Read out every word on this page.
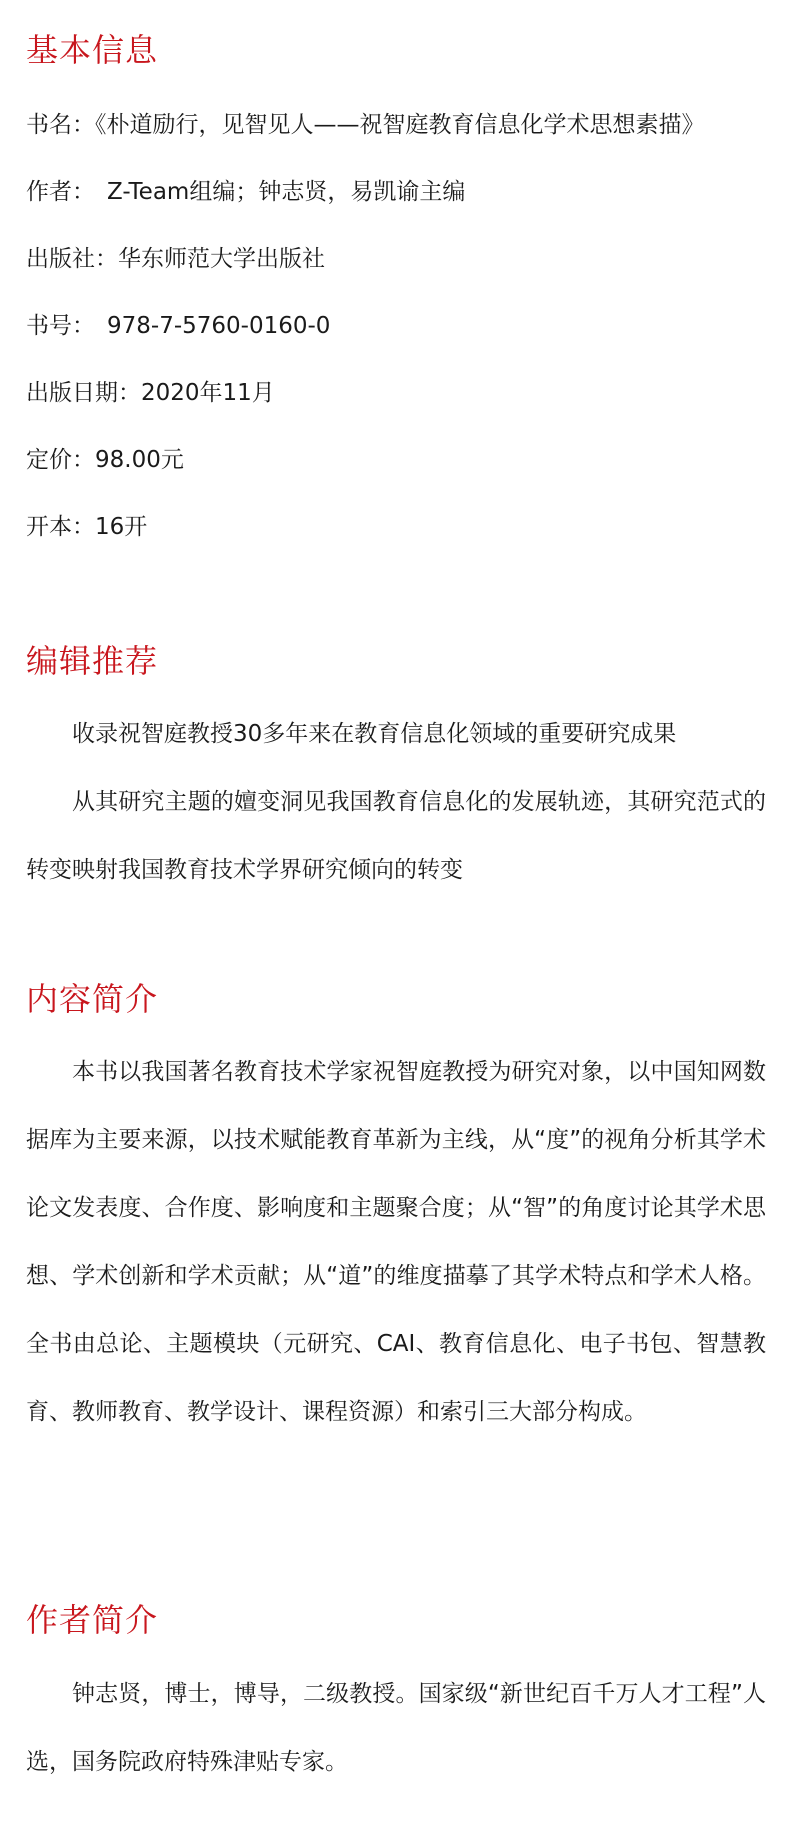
基本信息

书名：《朴道励行，见智见人——祝智庭教育信息化学术思想素描》

作者： Z-Team组编；钟志贤，易凯谕主编

出版社：华东师范大学出版社

书号： 978-7-5760-0160-0

出版日期：2020年11月

定价：98.00元

开本：16开

编辑推荐

收录祝智庭教授30多年来在教育信息化领域的重要研究成果

从其研究主题的嬗变洞见我国教育信息化的发展轨迹，其研究范式的转变映射我国教育技术学界研究倾向的转变

内容简介

本书以我国著名教育技术学家祝智庭教授为研究对象，以中国知网数据库为主要来源，以技术赋能教育革新为主线，从“度”的视角分析其学术论文发表度、合作度、影响度和主题聚合度；从“智”的角度讨论其学术思想、学术创新和学术贡献；从“道”的维度描摹了其学术特点和学术人格。全书由总论、主题模块（元研究、CAI、教育信息化、电子书包、智慧教育、教师教育、教学设计、课程资源）和索引三大部分构成。

作者简介

钟志贤，博士，博导，二级教授。国家级“新世纪百千万人才工程”人选，国务院政府特殊津贴专家。
